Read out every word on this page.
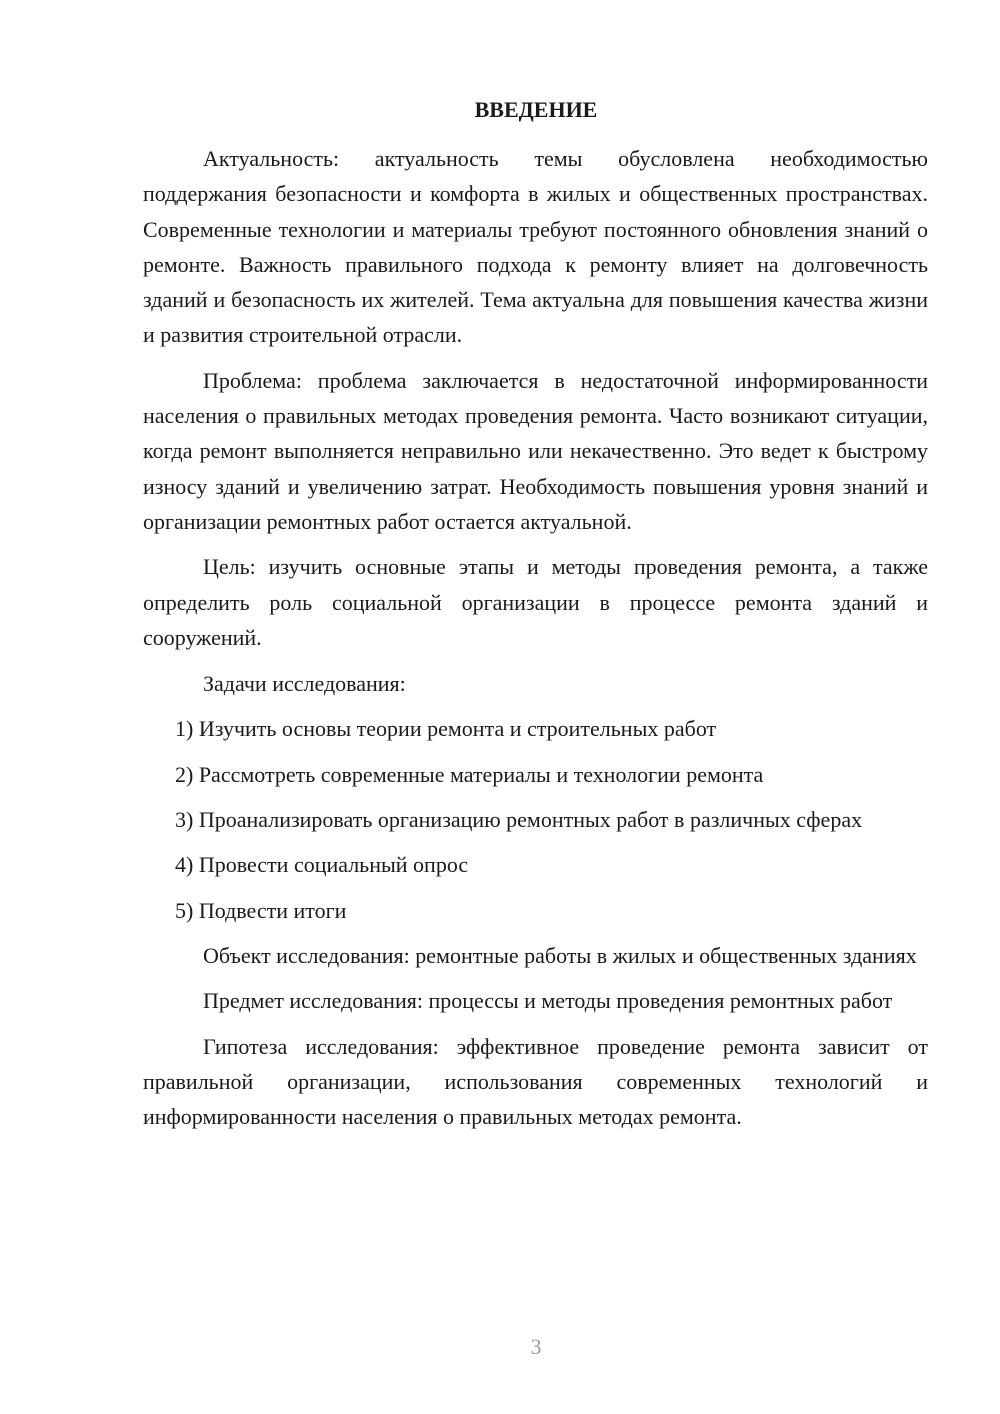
ВВЕДЕНИЕ

Актуальность: актуальность темы обусловлена необходимостью поддержания безопасности и комфорта в жилых и общественных пространствах. Современные технологии и материалы требуют постоянного обновления знаний о ремонте. Важность правильного подхода к ремонту влияет на долговечность зданий и безопасность их жителей. Тема актуальна для повышения качества жизни и развития строительной отрасли.

Проблема: проблема заключается в недостаточной информированности населения о правильных методах проведения ремонта. Часто возникают ситуации, когда ремонт выполняется неправильно или некачественно. Это ведет к быстрому износу зданий и увеличению затрат. Необходимость повышения уровня знаний и организации ремонтных работ остается актуальной.

Цель: изучить основные этапы и методы проведения ремонта, а также определить роль социальной организации в процессе ремонта зданий и сооружений.

Задачи исследования:

1) Изучить основы теории ремонта и строительных работ

2) Рассмотреть современные материалы и технологии ремонта

3) Проанализировать организацию ремонтных работ в различных сферах

4) Провести социальный опрос

5) Подвести итоги

Объект исследования: ремонтные работы в жилых и общественных зданиях

Предмет исследования: процессы и методы проведения ремонтных работ

Гипотеза исследования: эффективное проведение ремонта зависит от правильной организации, использования современных технологий и информированности населения о правильных методах ремонта.

3
